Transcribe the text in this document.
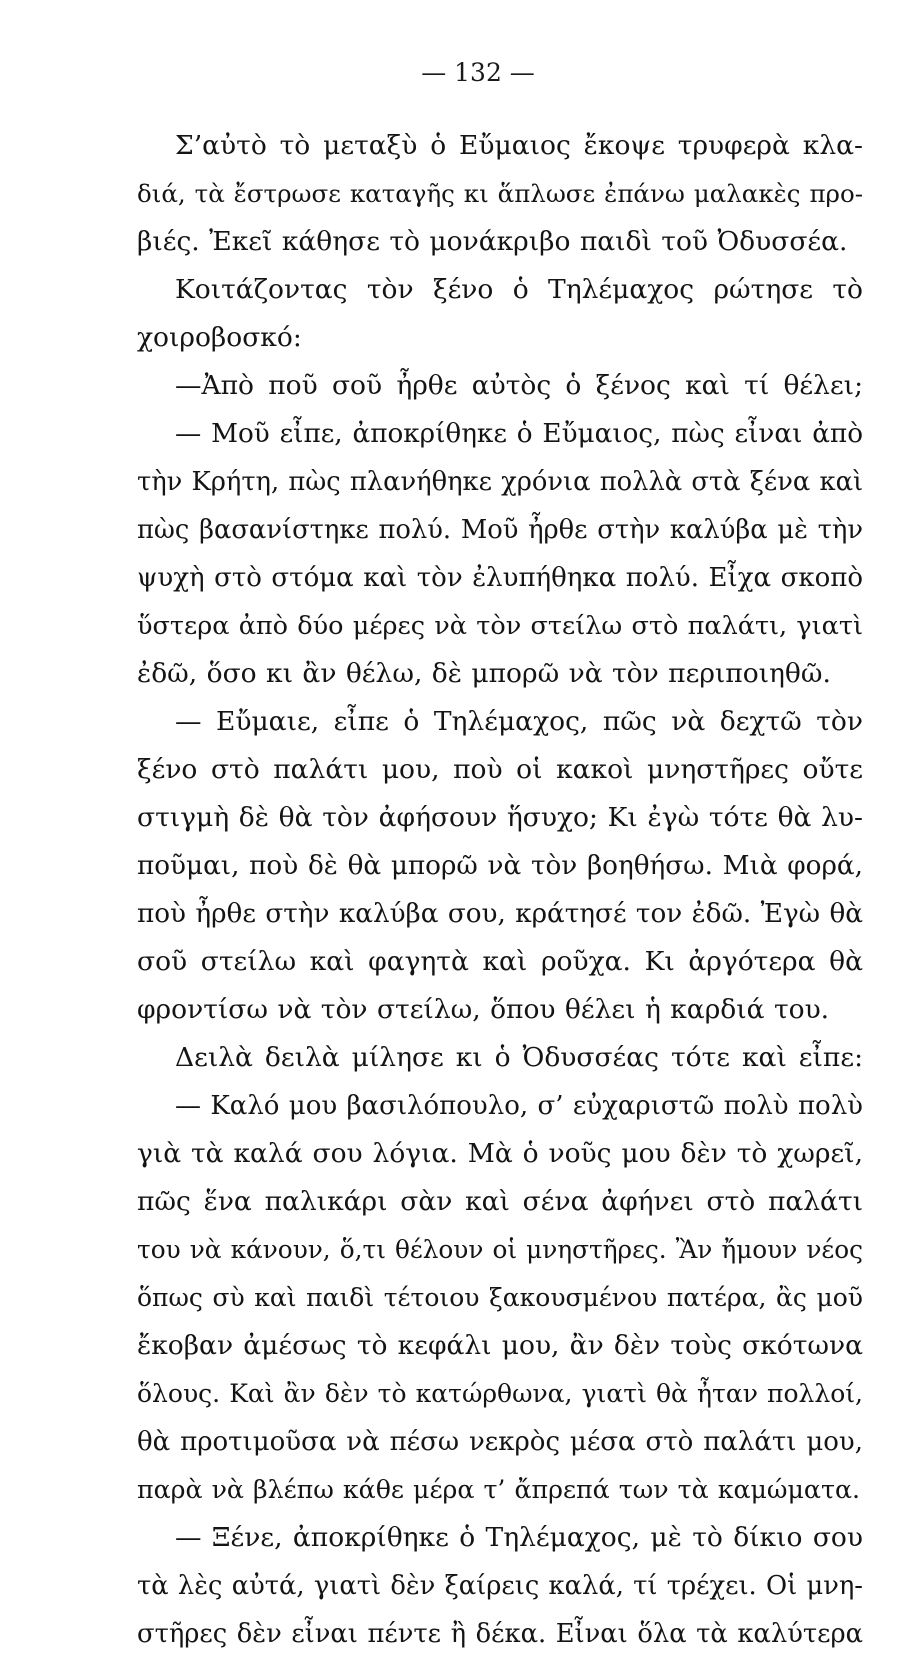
— 132 —
Σ’αὐτὸ τὸ μεταξὺ ὁ Εὔμαιος ἔκοψε τρυφερὰ κλα-
διά, τὰ ἔστρωσε καταγῆς κι ἅπλωσε ἐπάνω μαλακὲς προ-
βιές. Ἐκεῖ κάθησε τὸ μονάκριβο παιδὶ τοῦ Ὀδυσσέα.
Κοιτάζοντας τὸν ξένο ὁ Τηλέμαχος ρώτησε τὸ
χοιροβοσκό:
—Ἀπὸ ποῦ σοῦ ἦρθε αὐτὸς ὁ ξένος καὶ τί θέλει;
— Μοῦ εἶπε, ἀποκρίθηκε ὁ Εὔμαιος, πὼς εἶναι ἀπὸ
τὴν Κρήτη, πὼς πλανήθηκε χρόνια πολλὰ στὰ ξένα καὶ
πὼς βασανίστηκε πολύ. Μοῦ ἦρθε στὴν καλύβα μὲ τὴν
ψυχὴ στὸ στόμα καὶ τὸν ἐλυπήθηκα πολύ. Εἶχα σκοπὸ
ὕστερα ἀπὸ δύο μέρες νὰ τὸν στείλω στὸ παλάτι, γιατὶ
ἐδῶ, ὅσο κι ἂν θέλω, δὲ μπορῶ νὰ τὸν περιποιηθῶ.
— Εὔμαιε, εἶπε ὁ Τηλέμαχος, πῶς νὰ δεχτῶ τὸν
ξένο στὸ παλάτι μου, ποὺ οἱ κακοὶ μνηστῆρες οὔτε
στιγμὴ δὲ θὰ τὸν ἀφήσουν ἥσυχο; Κι ἐγὼ τότε θὰ λυ-
ποῦμαι, ποὺ δὲ θὰ μπορῶ νὰ τὸν βοηθήσω. Μιὰ φορά,
ποὺ ἦρθε στὴν καλύβα σου, κράτησέ τον ἐδῶ. Ἐγὼ θὰ
σοῦ στείλω καὶ φαγητὰ καὶ ροῦχα. Κι ἀργότερα θὰ
φροντίσω νὰ τὸν στείλω, ὅπου θέλει ἡ καρδιά του.
Δειλὰ δειλὰ μίλησε κι ὁ Ὀδυσσέας τότε καὶ εἶπε:
— Καλό μου βασιλόπουλο, σ’ εὐχαριστῶ πολὺ πολὺ
γιὰ τὰ καλά σου λόγια. Μὰ ὁ νοῦς μου δὲν τὸ χωρεῖ,
πῶς ἕνα παλικάρι σὰν καὶ σένα ἀφήνει στὸ παλάτι
του νὰ κάνουν, ὅ,τι θέλουν οἱ μνηστῆρες. Ἂν ἤμουν νέος
ὅπως σὺ καὶ παιδὶ τέτοιου ξακουσμένου πατέρα, ἂς μοῦ
ἔκοβαν ἀμέσως τὸ κεφάλι μου, ἂν δὲν τοὺς σκότωνα
ὅλους. Καὶ ἂν δὲν τὸ κατώρθωνα, γιατὶ θὰ ἦταν πολλοί,
θὰ προτιμοῦσα νὰ πέσω νεκρὸς μέσα στὸ παλάτι μου,
παρὰ νὰ βλέπω κάθε μέρα τ’ ἄπρεπά των τὰ καμώματα.
— Ξένε, ἀποκρίθηκε ὁ Τηλέμαχος, μὲ τὸ δίκιο σου
τὰ λὲς αὐτά, γιατὶ δὲν ξαίρεις καλά, τί τρέχει. Οἱ μνη-
στῆρες δὲν εἶναι πέντε ἢ δέκα. Εἶναι ὅλα τὰ καλύτερα
